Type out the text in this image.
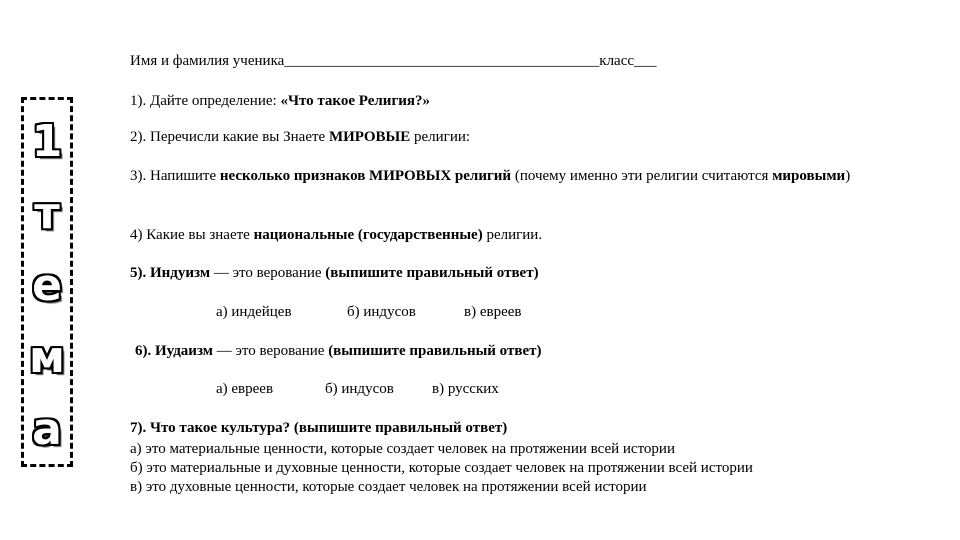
1
т
е
м
а
Имя и фамилия ученика__________________________________________класс___
1). Дайте определение: «Что такое Религия?»
2). Перечисли какие вы Знаете МИРОВЫЕ религии:
3). Напишите несколько признаков МИРОВЫХ религий (почему именно эти религии считаются мировыми)
4) Какие вы знаете национальные (государственные) религии.
5). Индуизм — это верование (выпишите правильный ответ)
а) индейцев	б) индусов	в) евреев
6). Иудаизм — это верование (выпишите правильный ответ)
а) евреев	б) индусов	в) русских
7). Что такое культура? (выпишите правильный ответ)
а) это материальные ценности, которые создает человек на протяжении всей истории
б) это материальные и духовные ценности, которые создает человек на протяжении всей истории
в) это духовные ценности, которые создает человек на протяжении всей истории
